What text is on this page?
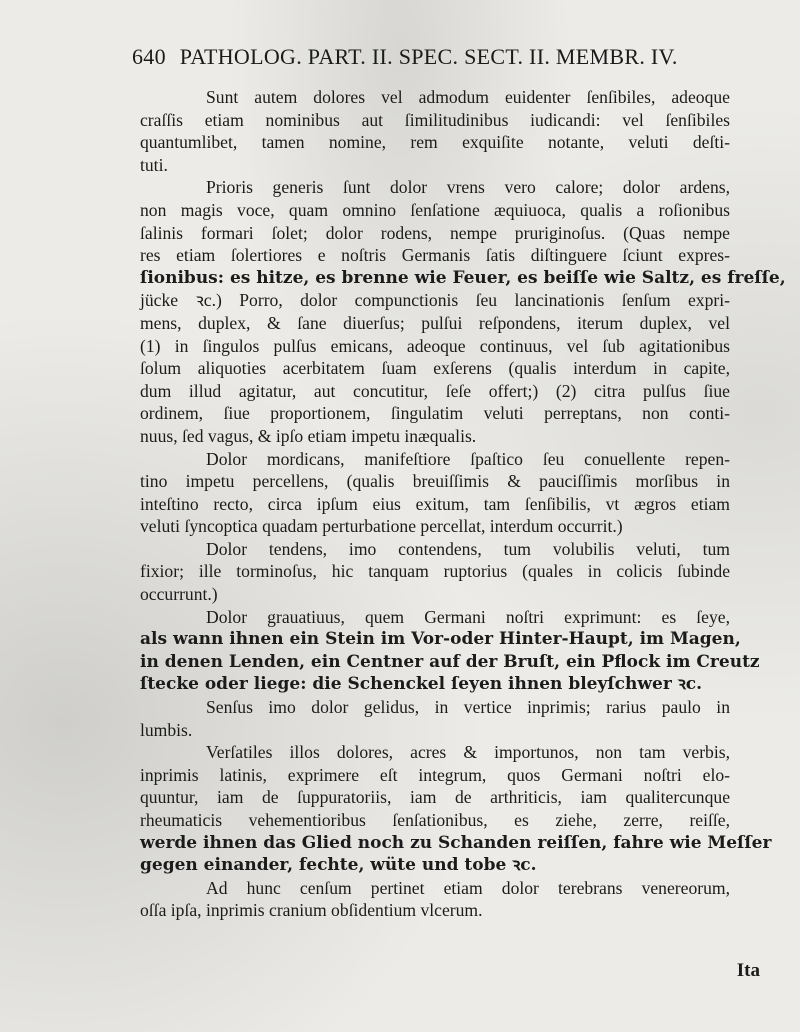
640 PATHOLOG. PART. II. SPEC. SECT. II. MEMBR. IV.
Sunt autem dolores vel admodum euidenter ſenſibiles, adeoque
craſſis etiam nominibus aut ſimilitudinibus iudicandi: vel ſenſibiles
quantumlibet, tamen nomine, rem exquiſite notante, veluti deſti-
tuti.
Prioris generis ſunt dolor vrens vero calore; dolor ardens,
non magis voce, quam omnino ſenſatione æquiuoca, qualis a roſionibus
ſalinis formari ſolet; dolor rodens, nempe pruriginoſus. (Quas nempe
res etiam ſolertiores e noſtris Germanis ſatis diſtinguere ſciunt expres-
ſionibus: es hitze, es brenne wie Feuer, es beiſſe wie Saltz, es freſſe,
jücke ꝛc.) Porro, dolor compunctionis ſeu lancinationis ſenſum expri-
mens, duplex, & ſane diuerſus; pulſui reſpondens, iterum duplex, vel
(1) in ſingulos pulſus emicans, adeoque continuus, vel ſub agitationibus
ſolum aliquoties acerbitatem ſuam exſerens (qualis interdum in capite,
dum illud agitatur, aut concutitur, ſeſe offert;) (2) citra pulſus ſiue
ordinem, ſiue proportionem, ſingulatim veluti perreptans, non conti-
nuus, ſed vagus, & ipſo etiam impetu inæqualis.
Dolor mordicans, manifeſtiore ſpaſtico ſeu conuellente repen-
tino impetu percellens, (qualis breuiſſimis & pauciſſimis morſibus in
inteſtino recto, circa ipſum eius exitum, tam ſenſibilis, vt ægros etiam
veluti ſyncoptica quadam perturbatione percellat, interdum occurrit.)
Dolor tendens, imo contendens, tum volubilis veluti, tum
fixior; ille torminoſus, hic tanquam ruptorius (quales in colicis ſubinde
occurrunt.)
Dolor grauatiuus, quem Germani noſtri exprimunt: es ſeye,
als wann ihnen ein Stein im Vor-oder Hinter-Haupt, im Magen,
in denen Lenden, ein Centner auf der Bruſt, ein Pflock im Creutz
ſtecke oder liege: die Schenckel ſeyen ihnen bleyſchwer ꝛc.
Senſus imo dolor gelidus, in vertice inprimis; rarius paulo in
lumbis.
Verſatiles illos dolores, acres & importunos, non tam verbis,
inprimis latinis, exprimere eſt integrum, quos Germani noſtri elo-
quuntur, iam de ſuppuratoriis, iam de arthriticis, iam qualitercunque
rheumaticis vehementioribus ſenſationibus, es ziehe, zerre, reiſſe,
werde ihnen das Glied noch zu Schanden reiſſen, fahre wie Meſſer
gegen einander, fechte, wüte und tobe ꝛc.
Ad hunc cenſum pertinet etiam dolor terebrans venereorum,
oſſa ipſa, inprimis cranium obſidentium vlcerum.
Ita
